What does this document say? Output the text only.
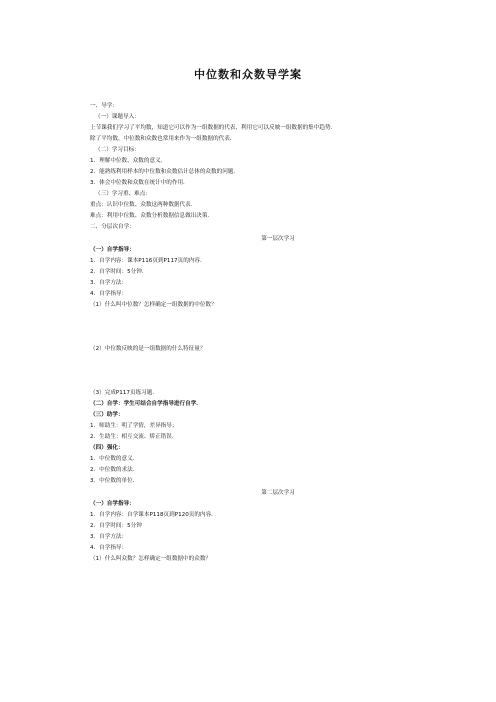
中位数和众数导学案
一、导学：
（一）课题导入：
上节课我们学习了平均数，知道它可以作为一组数据的代表，利用它可以反映一组数据的集中趋势．
除了平均数，中位数和众数也常用来作为一组数据的代表．
（二）学习目标：
1．理解中位数、众数的意义．
2．能熟练利用样本的中位数和众数估计总体的众数的问题．
3．体会中位数和众数在统计中的作用．
（三）学习重、难点：
重点：认识中位数、众数这两种数据代表．
难点：利用中位数、众数分析数据信息做出决策．
二、分层次自学：
第一层次学习
（一）自学指导：
1．自学内容：课本P116页到P117页的内容．
2．自学时间：5分钟．
3．自学方法：
4．自学指导：
（1）什么叫中位数？怎样确定一组数据的中位数？
（2）中位数反映的是一组数据的什么特征量？
（3）完成P117页练习题．
（二）自学：学生可结合自学指导进行自学．
（三）助学：
1．师助生：明了学情，差异指导；
2．生助生：相互交流、矫正错误．
（四）强化：
1．中位数的意义．
2．中位数的求法．
3．中位数的单位．
第二层次学习
（一）自学指导：
1．自学内容：自学课本P118页到P120页的内容．
2．自学时间：5分钟
3．自学方法：
4．自学指导：
（1）什么叫众数？怎样确定一组数据中的众数？
